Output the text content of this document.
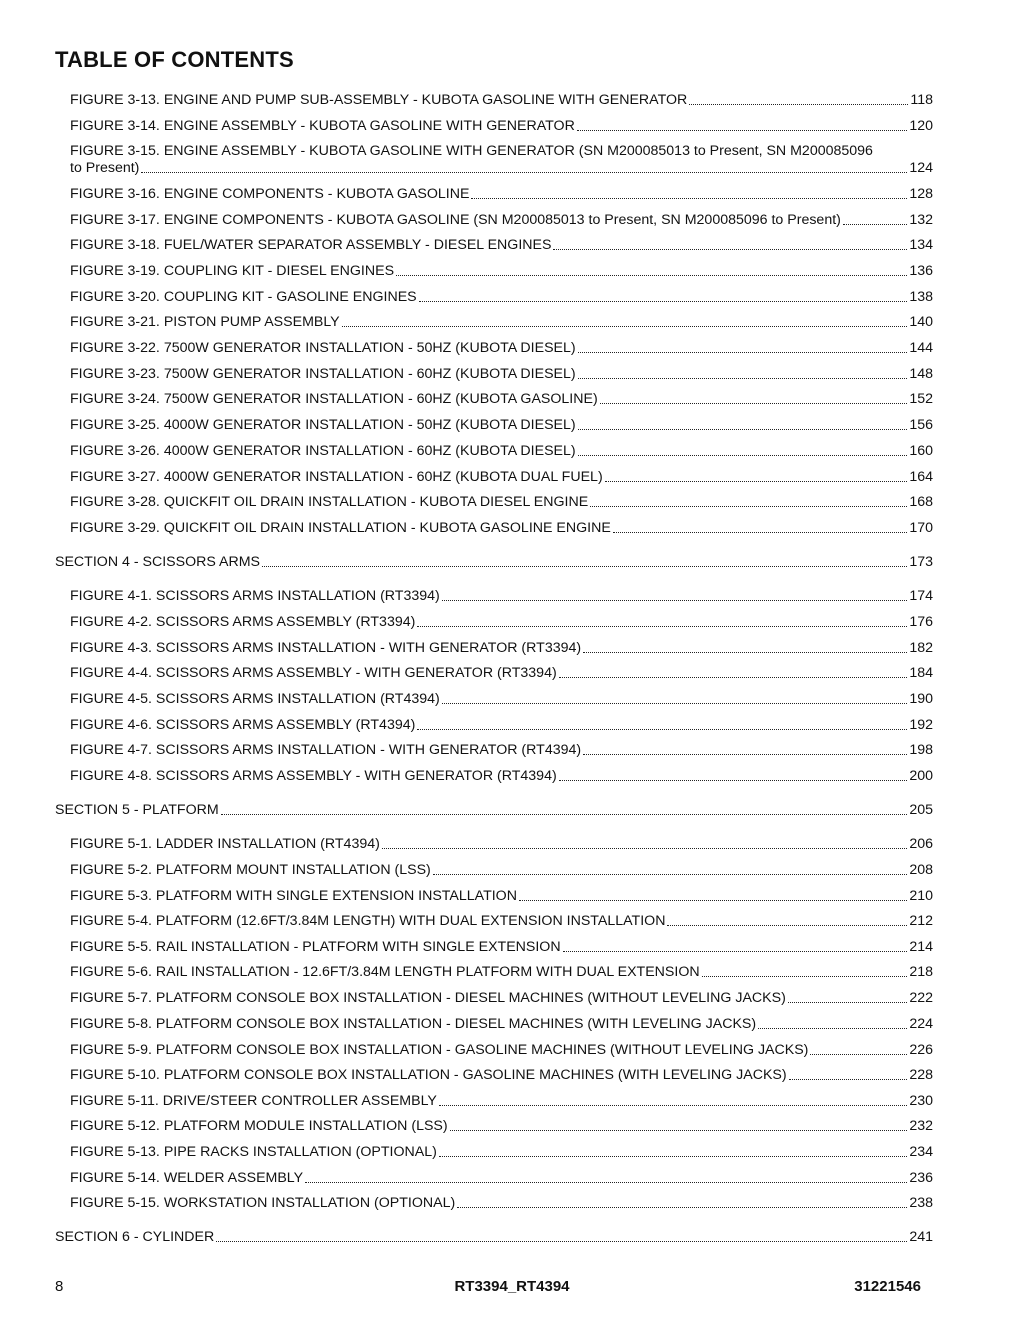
TABLE OF CONTENTS
FIGURE 3-13. ENGINE AND PUMP SUB-ASSEMBLY - KUBOTA GASOLINE WITH GENERATOR	118
FIGURE 3-14. ENGINE ASSEMBLY - KUBOTA GASOLINE WITH GENERATOR	120
FIGURE 3-15. ENGINE ASSEMBLY - KUBOTA GASOLINE WITH GENERATOR (SN M200085013 to Present, SN M200085096
to Present)	124
FIGURE 3-16. ENGINE COMPONENTS - KUBOTA GASOLINE	128
FIGURE 3-17. ENGINE COMPONENTS - KUBOTA GASOLINE (SN M200085013 to Present, SN M200085096 to Present)	132
FIGURE 3-18. FUEL/WATER SEPARATOR ASSEMBLY - DIESEL ENGINES	134
FIGURE 3-19. COUPLING KIT - DIESEL ENGINES	136
FIGURE 3-20. COUPLING KIT - GASOLINE ENGINES	138
FIGURE 3-21. PISTON PUMP ASSEMBLY	140
FIGURE 3-22. 7500W GENERATOR INSTALLATION - 50HZ (KUBOTA DIESEL)	144
FIGURE 3-23. 7500W GENERATOR INSTALLATION - 60HZ (KUBOTA DIESEL)	148
FIGURE 3-24. 7500W GENERATOR INSTALLATION - 60HZ (KUBOTA GASOLINE)	152
FIGURE 3-25. 4000W GENERATOR INSTALLATION - 50HZ (KUBOTA DIESEL)	156
FIGURE 3-26. 4000W GENERATOR INSTALLATION - 60HZ (KUBOTA DIESEL)	160
FIGURE 3-27. 4000W GENERATOR INSTALLATION - 60HZ (KUBOTA DUAL FUEL)	164
FIGURE 3-28. QUICKFIT OIL DRAIN INSTALLATION - KUBOTA DIESEL ENGINE	168
FIGURE 3-29. QUICKFIT OIL DRAIN INSTALLATION - KUBOTA GASOLINE ENGINE	170
SECTION 4 - SCISSORS ARMS	173
FIGURE 4-1. SCISSORS ARMS INSTALLATION (RT3394)	174
FIGURE 4-2. SCISSORS ARMS ASSEMBLY (RT3394)	176
FIGURE 4-3. SCISSORS ARMS INSTALLATION - WITH GENERATOR (RT3394)	182
FIGURE 4-4. SCISSORS ARMS ASSEMBLY - WITH GENERATOR (RT3394)	184
FIGURE 4-5. SCISSORS ARMS INSTALLATION (RT4394)	190
FIGURE 4-6. SCISSORS ARMS ASSEMBLY (RT4394)	192
FIGURE 4-7. SCISSORS ARMS INSTALLATION - WITH GENERATOR (RT4394)	198
FIGURE 4-8. SCISSORS ARMS ASSEMBLY - WITH GENERATOR (RT4394)	200
SECTION 5 - PLATFORM	205
FIGURE 5-1. LADDER INSTALLATION (RT4394)	206
FIGURE 5-2. PLATFORM MOUNT INSTALLATION (LSS)	208
FIGURE 5-3. PLATFORM WITH SINGLE EXTENSION INSTALLATION	210
FIGURE 5-4. PLATFORM (12.6FT/3.84M LENGTH) WITH DUAL EXTENSION INSTALLATION	212
FIGURE 5-5. RAIL INSTALLATION - PLATFORM WITH SINGLE EXTENSION	214
FIGURE 5-6. RAIL INSTALLATION - 12.6FT/3.84M LENGTH PLATFORM WITH DUAL EXTENSION	218
FIGURE 5-7. PLATFORM CONSOLE BOX INSTALLATION - DIESEL MACHINES (WITHOUT LEVELING JACKS)	222
FIGURE 5-8. PLATFORM CONSOLE BOX INSTALLATION - DIESEL MACHINES (WITH LEVELING JACKS)	224
FIGURE 5-9. PLATFORM CONSOLE BOX INSTALLATION - GASOLINE MACHINES (WITHOUT LEVELING JACKS)	226
FIGURE 5-10. PLATFORM CONSOLE BOX INSTALLATION - GASOLINE MACHINES (WITH LEVELING JACKS)	228
FIGURE 5-11. DRIVE/STEER CONTROLLER ASSEMBLY	230
FIGURE 5-12. PLATFORM MODULE INSTALLATION (LSS)	232
FIGURE 5-13. PIPE RACKS INSTALLATION (OPTIONAL)	234
FIGURE 5-14. WELDER ASSEMBLY	236
FIGURE 5-15. WORKSTATION INSTALLATION (OPTIONAL)	238
SECTION 6 - CYLINDER	241
8	RT3394_RT4394	31221546
